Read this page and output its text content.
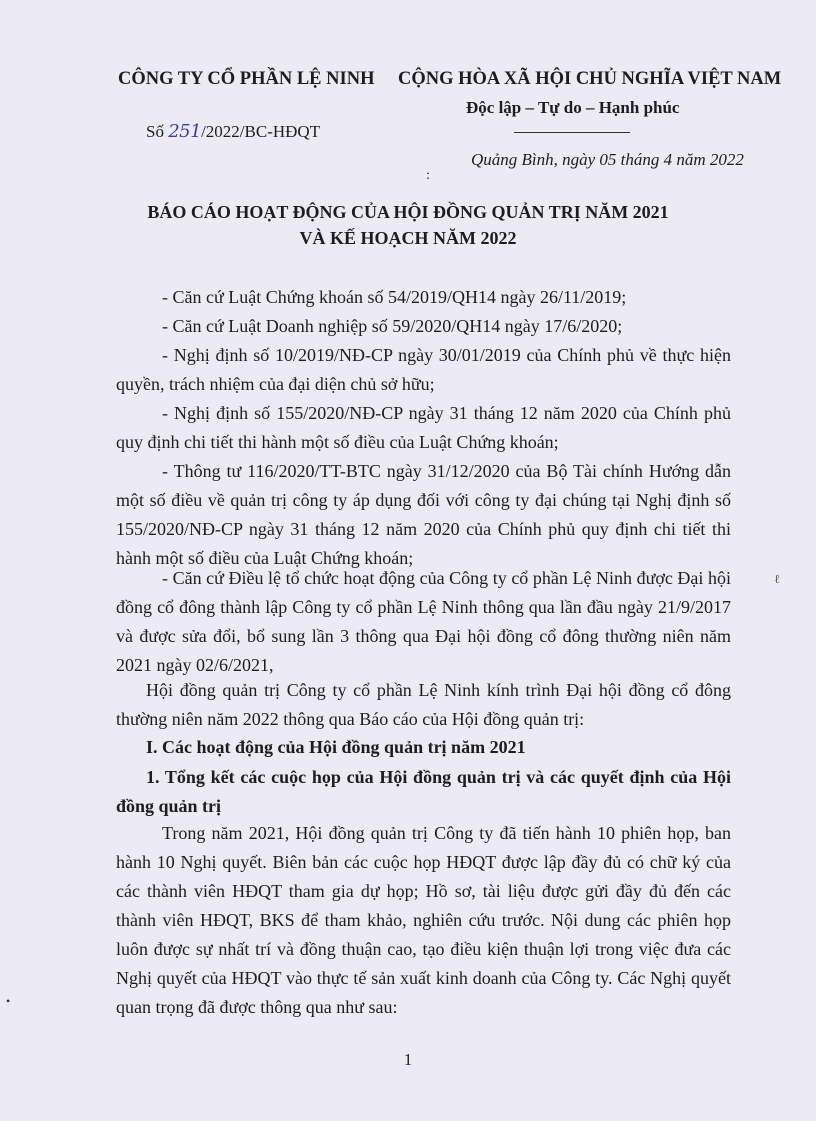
CÔNG TY CỔ PHẦN LỆ NINH CỘNG HÒA XÃ HỘI CHỦ NGHĨA VIỆT NAM
Độc lập – Tự do – Hạnh phúc
Số 251/2022/BC-HĐQT
Quảng Bình, ngày 05 tháng 4 năm 2022
:
BÁO CÁO HOẠT ĐỘNG CỦA HỘI ĐỒNG QUẢN TRỊ NĂM 2021
VÀ KẾ HOẠCH NĂM 2022

- Căn cứ Luật Chứng khoán số 54/2019/QH14 ngày 26/11/2019;

- Căn cứ Luật Doanh nghiệp số 59/2020/QH14 ngày 17/6/2020;

- Nghị định số 10/2019/NĐ-CP ngày 30/01/2019 của Chính phủ về thực hiện quyền, trách nhiệm của đại diện chủ sở hữu;

- Nghị định số 155/2020/NĐ-CP ngày 31 tháng 12 năm 2020 của Chính phủ quy định chi tiết thi hành một số điều của Luật Chứng khoán;

- Thông tư 116/2020/TT-BTC ngày 31/12/2020 của Bộ Tài chính Hướng dẫn một số điều về quản trị công ty áp dụng đối với công ty đại chúng tại Nghị định số 155/2020/NĐ-CP ngày 31 tháng 12 năm 2020 của Chính phủ quy định chi tiết thi hành một số điều của Luật Chứng khoán;

- Căn cứ Điều lệ tổ chức hoạt động của Công ty cổ phần Lệ Ninh được Đại hội đồng cổ đông thành lập Công ty cổ phần Lệ Ninh thông qua lần đầu ngày 21/9/2017 và được sửa đổi, bổ sung lần 3 thông qua Đại hội đồng cổ đông thường niên năm 2021 ngày 02/6/2021,

Hội đồng quản trị Công ty cổ phần Lệ Ninh kính trình Đại hội đồng cổ đông thường niên năm 2022 thông qua Báo cáo của Hội đồng quản trị:

I. Các hoạt động của Hội đồng quản trị năm 2021

1. Tổng kết các cuộc họp của Hội đồng quản trị và các quyết định của Hội đồng quản trị

Trong năm 2021, Hội đồng quản trị Công ty đã tiến hành 10 phiên họp, ban hành 10 Nghị quyết. Biên bản các cuộc họp HĐQT được lập đầy đủ có chữ ký của các thành viên HĐQT tham gia dự họp; Hồ sơ, tài liệu được gửi đầy đủ đến các thành viên HĐQT, BKS để tham khảo, nghiên cứu trước. Nội dung các phiên họp luôn được sự nhất trí và đồng thuận cao, tạo điều kiện thuận lợi trong việc đưa các Nghị quyết của HĐQT vào thực tế sản xuất kinh doanh của Công ty. Các Nghị quyết quan trọng đã được thông qua như sau:

1
•
ℓ
